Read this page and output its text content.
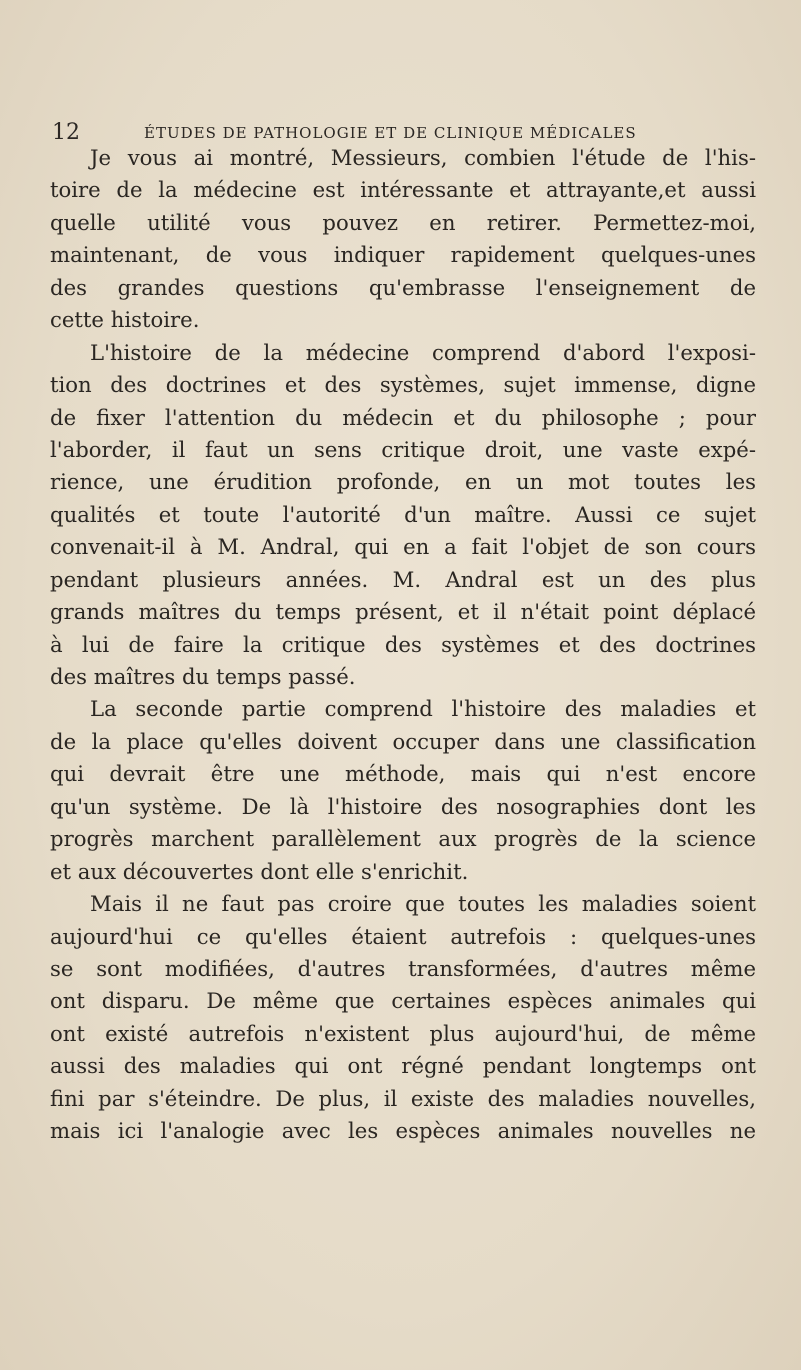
12	ÉTUDES DE PATHOLOGIE ET DE CLINIQUE MÉDICALES
Je vous ai montré, Messieurs, combien l'étude de l'his-
toire de la médecine est intéressante et attrayante,et aussi
quelle utilité vous pouvez en retirer. Permettez-moi,
maintenant, de vous indiquer rapidement quelques-unes
des grandes questions qu'embrasse l'enseignement de
cette histoire.
L'histoire de la médecine comprend d'abord l'exposi-
tion des doctrines et des systèmes, sujet immense, digne
de fixer l'attention du médecin et du philosophe ; pour
l'aborder, il faut un sens critique droit, une vaste expé-
rience, une érudition profonde, en un mot toutes les
qualités et toute l'autorité d'un maître. Aussi ce sujet
convenait-il à M. Andral, qui en a fait l'objet de son cours
pendant plusieurs années. M. Andral est un des plus
grands maîtres du temps présent, et il n'était point déplacé
à lui de faire la critique des systèmes et des doctrines
des maîtres du temps passé.
La seconde partie comprend l'histoire des maladies et
de la place qu'elles doivent occuper dans une classification
qui devrait être une méthode, mais qui n'est encore
qu'un système. De là l'histoire des nosographies dont les
progrès marchent parallèlement aux progrès de la science
et aux découvertes dont elle s'enrichit.
Mais il ne faut pas croire que toutes les maladies soient
aujourd'hui ce qu'elles étaient autrefois : quelques-unes
se sont modifiées, d'autres transformées, d'autres même
ont disparu. De même que certaines espèces animales qui
ont existé autrefois n'existent plus aujourd'hui, de même
aussi des maladies qui ont régné pendant longtemps ont
fini par s'éteindre. De plus, il existe des maladies nouvelles,
mais ici l'analogie avec les espèces animales nouvelles ne
